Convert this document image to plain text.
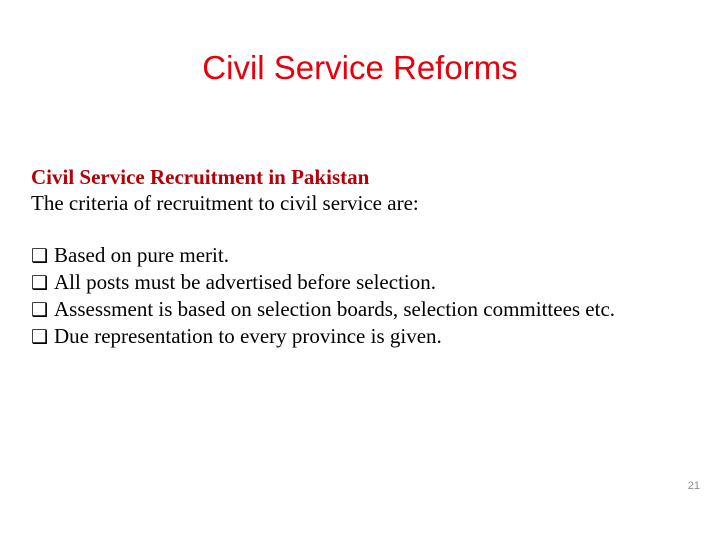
Civil Service Reforms
Civil Service Recruitment in Pakistan
The criteria of recruitment to civil service are:
❑ Based on pure merit.
❑ All posts must be advertised before selection.
❑ Assessment is based on selection boards, selection committees etc.
❑ Due representation to every province is given.
21
